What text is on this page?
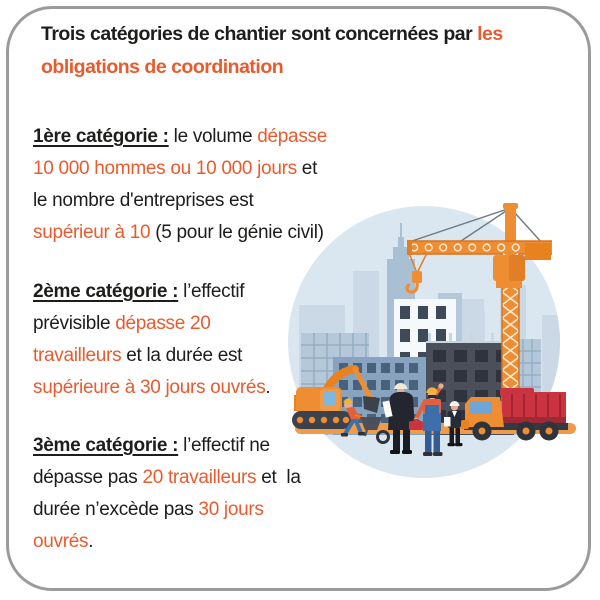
Trois catégories de chantier sont concernées par les
obligations de coordination
1ère catégorie : le volume dépasse
10 000 hommes ou 10 000 jours et
le nombre d'entreprises est
supérieur à 10 (5 pour le génie civil)
2ème catégorie : l’effectif
prévisible dépasse 20
travailleurs et la durée est
supérieure à 30 jours ouvrés.
3ème catégorie : l’effectif ne
dépasse pas 20 travailleurs et  la
durée n’excède pas 30 jours
ouvrés.
